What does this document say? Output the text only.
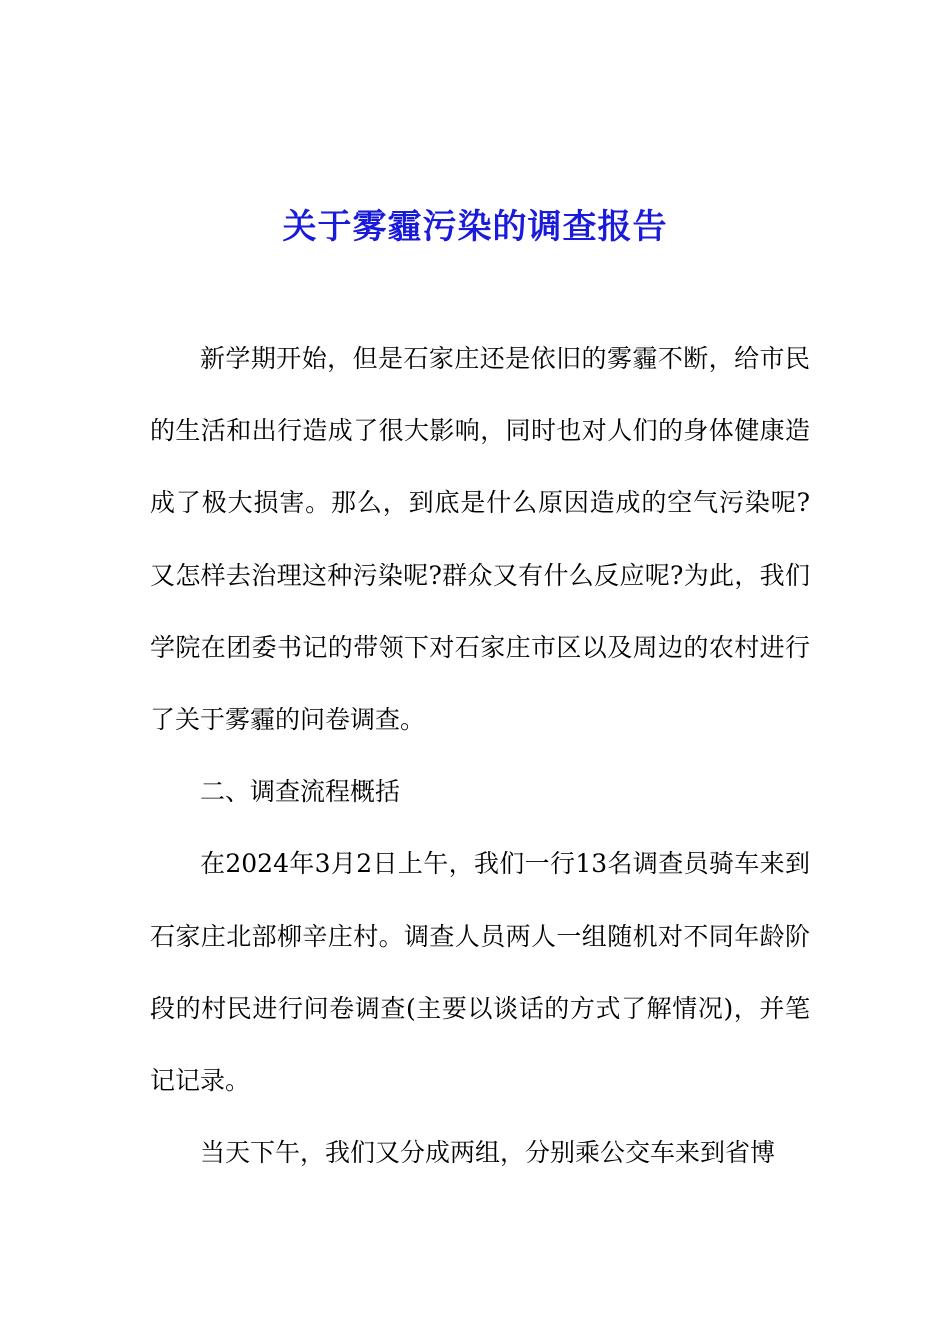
关于雾霾污染的调查报告

新学期开始，但是石家庄还是依旧的雾霾不断，给市民的生活和出行造成了很大影响，同时也对人们的身体健康造成了极大损害。那么，到底是什么原因造成的空气污染呢?又怎样去治理这种污染呢?群众又有什么反应呢?为此，我们学院在团委书记的带领下对石家庄市区以及周边的农村进行了关于雾霾的问卷调查。

二、调查流程概括

在2024年3月2日上午，我们一行13名调查员骑车来到石家庄北部柳辛庄村。调查人员两人一组随机对不同年龄阶段的村民进行问卷调查(主要以谈话的方式了解情况)，并笔记记录。

当天下午，我们又分成两组，分别乘公交车来到省博
